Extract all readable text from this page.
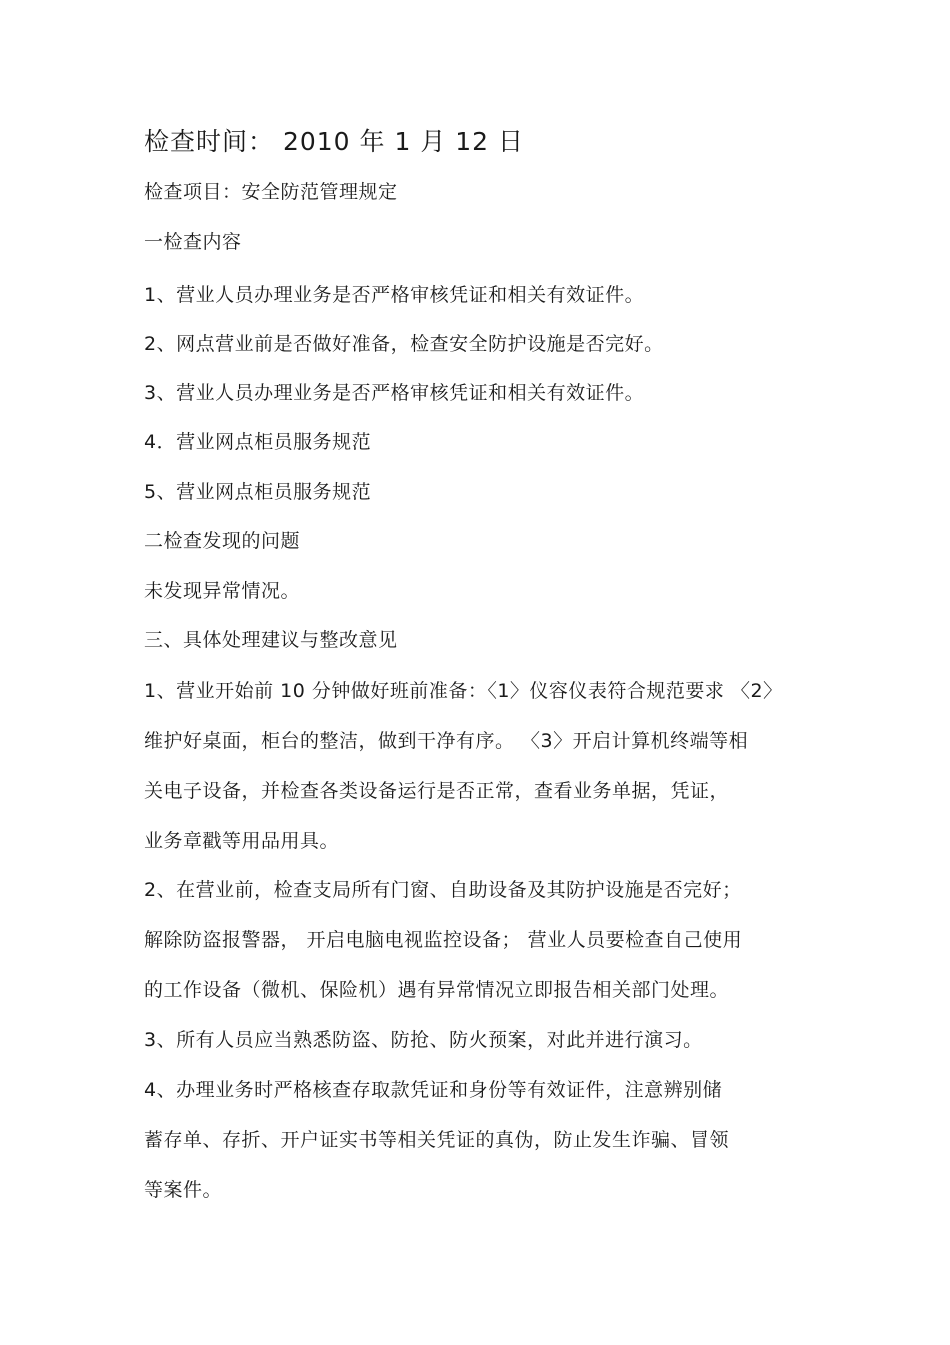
检查时间： 2010 年 1 月 12 日
检查项目：安全防范管理规定
一检查内容
1、营业人员办理业务是否严格审核凭证和相关有效证件。
2、网点营业前是否做好准备，检查安全防护设施是否完好。
3、营业人员办理业务是否严格审核凭证和相关有效证件。
4．营业网点柜员服务规范
5、营业网点柜员服务规范
二检查发现的问题
未发现异常情况。
三、具体处理建议与整改意见
1、营业开始前 10 分钟做好班前准备：〈1〉仪容仪表符合规范要求 〈2〉
维护好桌面，柜台的整洁，做到干净有序。 〈3〉开启计算机终端等相
关电子设备，并检查各类设备运行是否正常，查看业务单据，凭证，
业务章戳等用品用具。
2、在营业前，检查支局所有门窗、自助设备及其防护设施是否完好；
解除防盗报警器， 开启电脑电视监控设备； 营业人员要检查自己使用
的工作设备（微机、保险机）遇有异常情况立即报告相关部门处理。
3、所有人员应当熟悉防盗、防抢、防火预案，对此并进行演习。
4、办理业务时严格核查存取款凭证和身份等有效证件，注意辨别储
蓄存单、存折、开户证实书等相关凭证的真伪，防止发生诈骗、冒领
等案件。
